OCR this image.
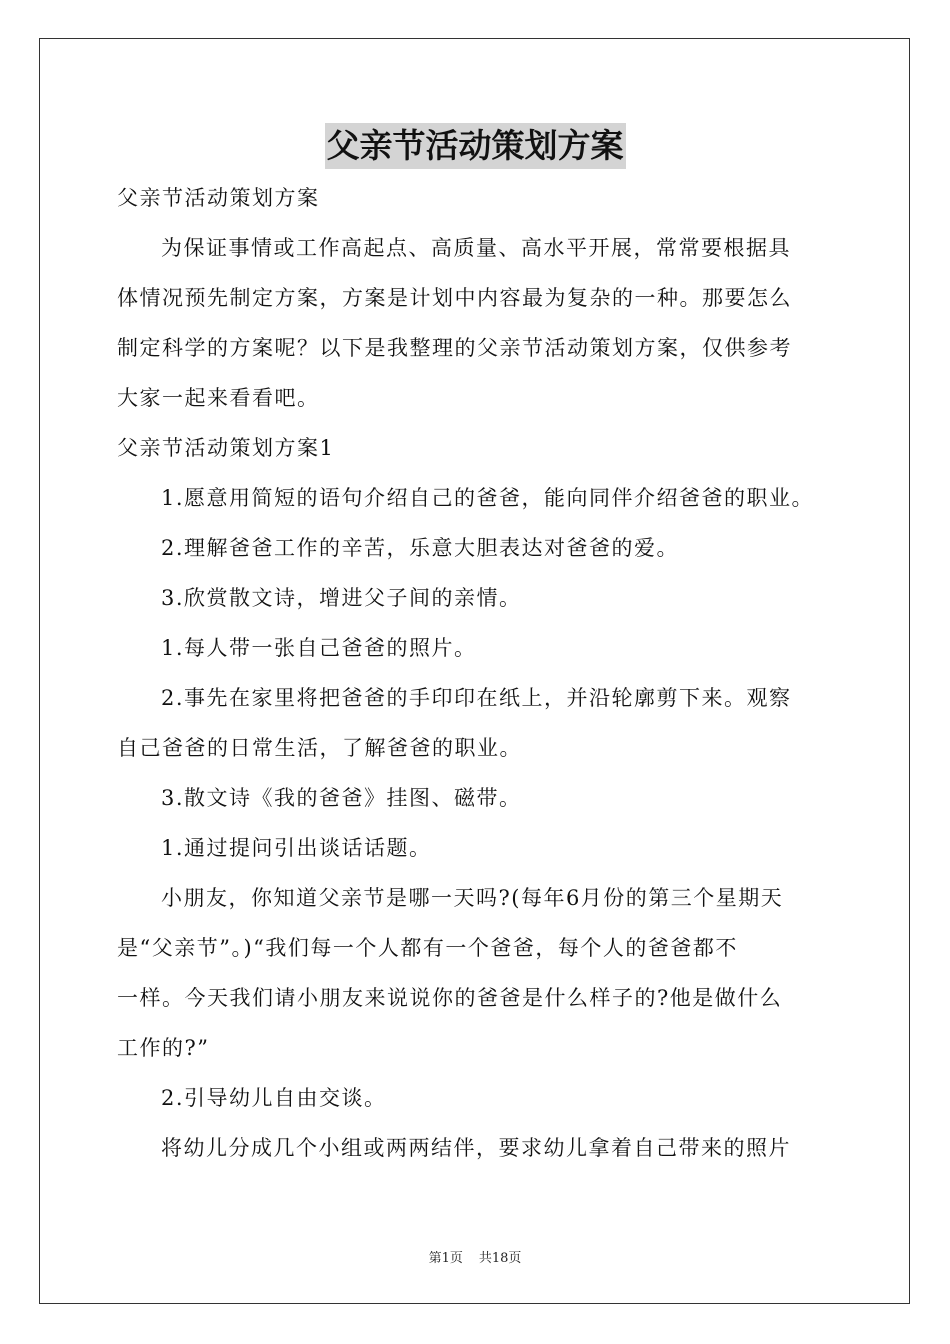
父亲节活动策划方案

父亲节活动策划方案

为保证事情或工作高起点、高质量、高水平开展，常常要根据具

体情况预先制定方案，方案是计划中内容最为复杂的一种。那要怎么

制定科学的方案呢？以下是我整理的父亲节活动策划方案，仅供参考

大家一起来看看吧。

父亲节活动策划方案1

1.愿意用简短的语句介绍自己的爸爸，能向同伴介绍爸爸的职业。

2.理解爸爸工作的辛苦，乐意大胆表达对爸爸的爱。

3.欣赏散文诗，增进父子间的亲情。

1.每人带一张自己爸爸的照片。

2.事先在家里将把爸爸的手印印在纸上，并沿轮廓剪下来。观察

自己爸爸的日常生活，了解爸爸的职业。

3.散文诗《我的爸爸》挂图、磁带。

1.通过提问引出谈话话题。

小朋友，你知道父亲节是哪一天吗?(每年6月份的第三个星期天

是“父亲节”。)“我们每一个人都有一个爸爸，每个人的爸爸都不

一样。今天我们请小朋友来说说你的爸爸是什么样子的?他是做什么

工作的?”

2.引导幼儿自由交谈。

将幼儿分成几个小组或两两结伴，要求幼儿拿着自己带来的照片

第1页 共18页
